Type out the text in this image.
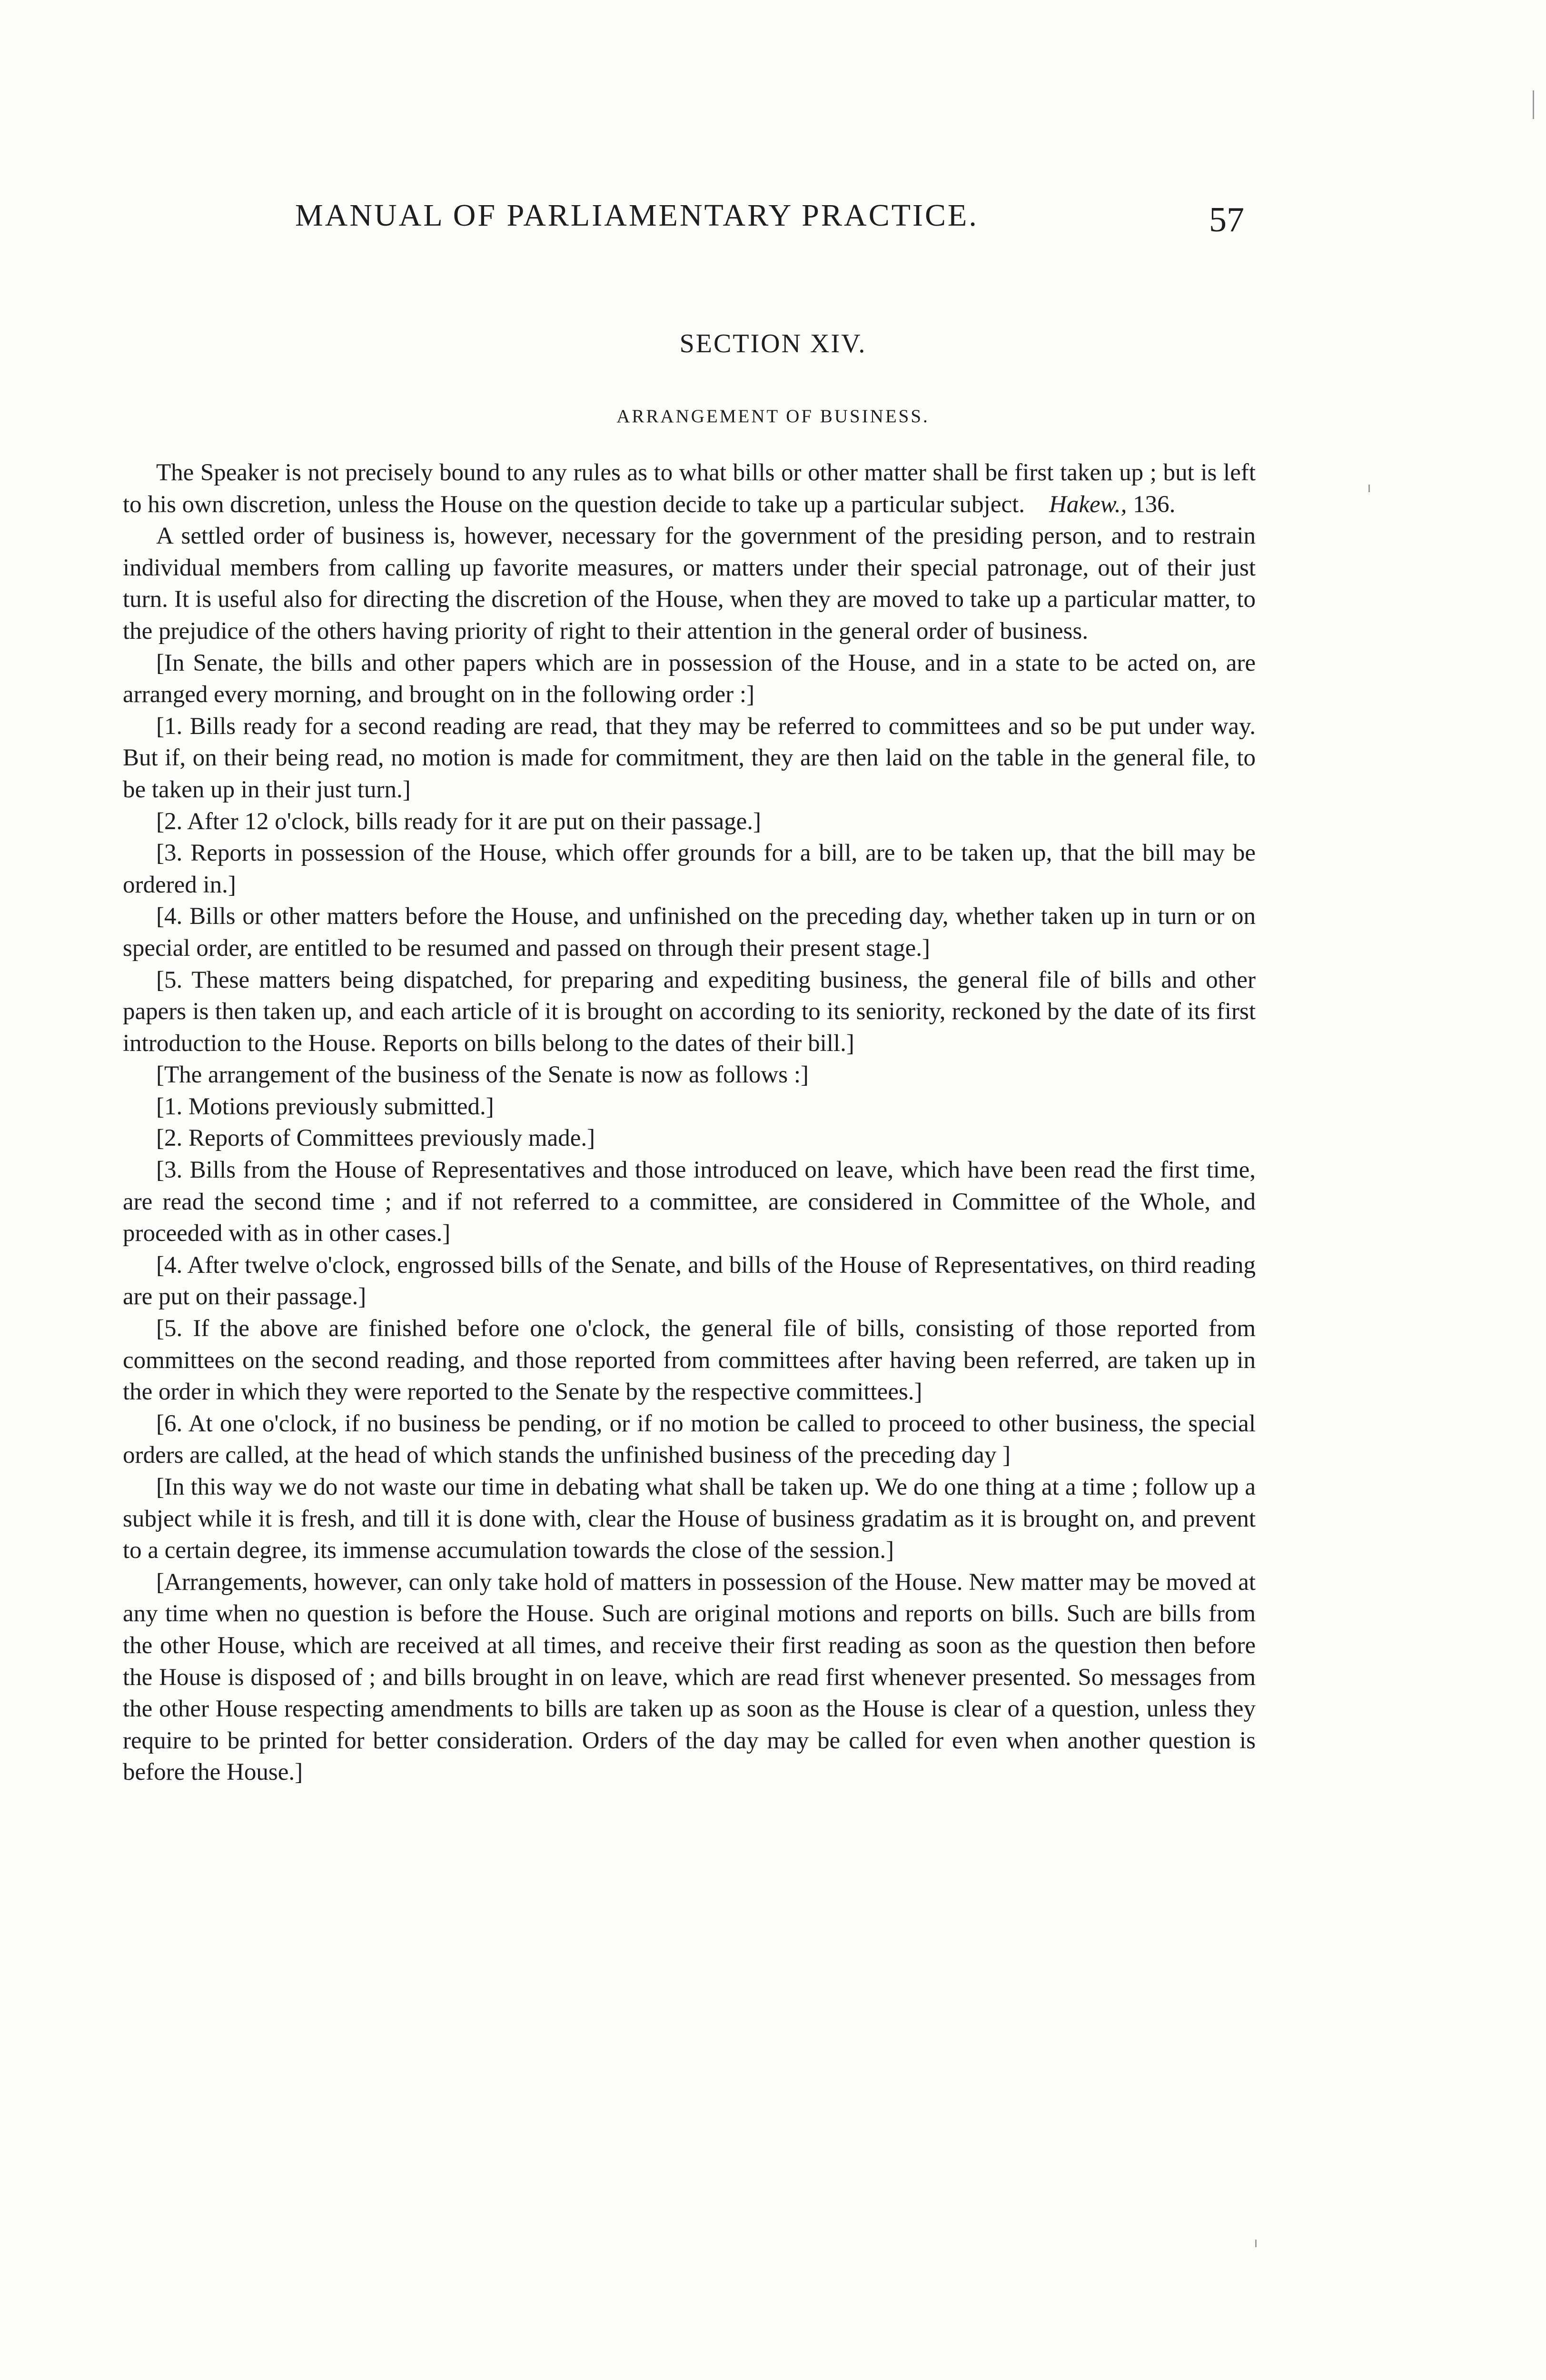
MANUAL OF PARLIAMENTARY PRACTICE.	57
SECTION XIV.
ARRANGEMENT OF BUSINESS.

The Speaker is not precisely bound to any rules as to what bills or other matter shall be first taken up ; but is left to his own discretion, unless the House on the question decide to take up a particular subject.  Hakew., 136.

A settled order of business is, however, necessary for the government of the presiding person, and to restrain individual members from calling up favorite measures, or matters under their special patronage, out of their just turn. It is useful also for directing the discretion of the House, when they are moved to take up a particular matter, to the prejudice of the others having priority of right to their attention in the general order of business.

[In Senate, the bills and other papers which are in possession of the House, and in a state to be acted on, are arranged every morning, and brought on in the following order :]

[1. Bills ready for a second reading are read, that they may be referred to committees and so be put under way. But if, on their being read, no motion is made for commitment, they are then laid on the table in the general file, to be taken up in their just turn.]

[2. After 12 o'clock, bills ready for it are put on their passage.]

[3. Reports in possession of the House, which offer grounds for a bill, are to be taken up, that the bill may be ordered in.]

[4. Bills or other matters before the House, and unfinished on the preceding day, whether taken up in turn or on special order, are entitled to be resumed and passed on through their present stage.]

[5. These matters being dispatched, for preparing and expediting business, the general file of bills and other papers is then taken up, and each article of it is brought on according to its seniority, reckoned by the date of its first introduction to the House. Reports on bills belong to the dates of their bill.]

[The arrangement of the business of the Senate is now as follows :]

[1. Motions previously submitted.]

[2. Reports of Committees previously made.]

[3. Bills from the House of Representatives and those introduced on leave, which have been read the first time, are read the second time ; and if not referred to a committee, are considered in Committee of the Whole, and proceeded with as in other cases.]

[4. After twelve o'clock, engrossed bills of the Senate, and bills of the House of Representatives, on third reading are put on their passage.]

[5. If the above are finished before one o'clock, the general file of bills, consisting of those reported from committees on the second reading, and those reported from committees after having been referred, are taken up in the order in which they were reported to the Senate by the respective committees.]

[6. At one o'clock, if no business be pending, or if no motion be called to proceed to other business, the special orders are called, at the head of which stands the unfinished business of the preceding day ]

[In this way we do not waste our time in debating what shall be taken up. We do one thing at a time ; follow up a subject while it is fresh, and till it is done with, clear the House of business gradatim as it is brought on, and prevent to a certain degree, its immense accumulation towards the close of the session.]

[Arrangements, however, can only take hold of matters in possession of the House. New matter may be moved at any time when no question is before the House. Such are original motions and reports on bills. Such are bills from the other House, which are received at all times, and receive their first reading as soon as the question then before the House is disposed of ; and bills brought in on leave, which are read first whenever presented. So messages from the other House respecting amendments to bills are taken up as soon as the House is clear of a question, unless they require to be printed for better consideration. Orders of the day may be called for even when another question is before the House.]
